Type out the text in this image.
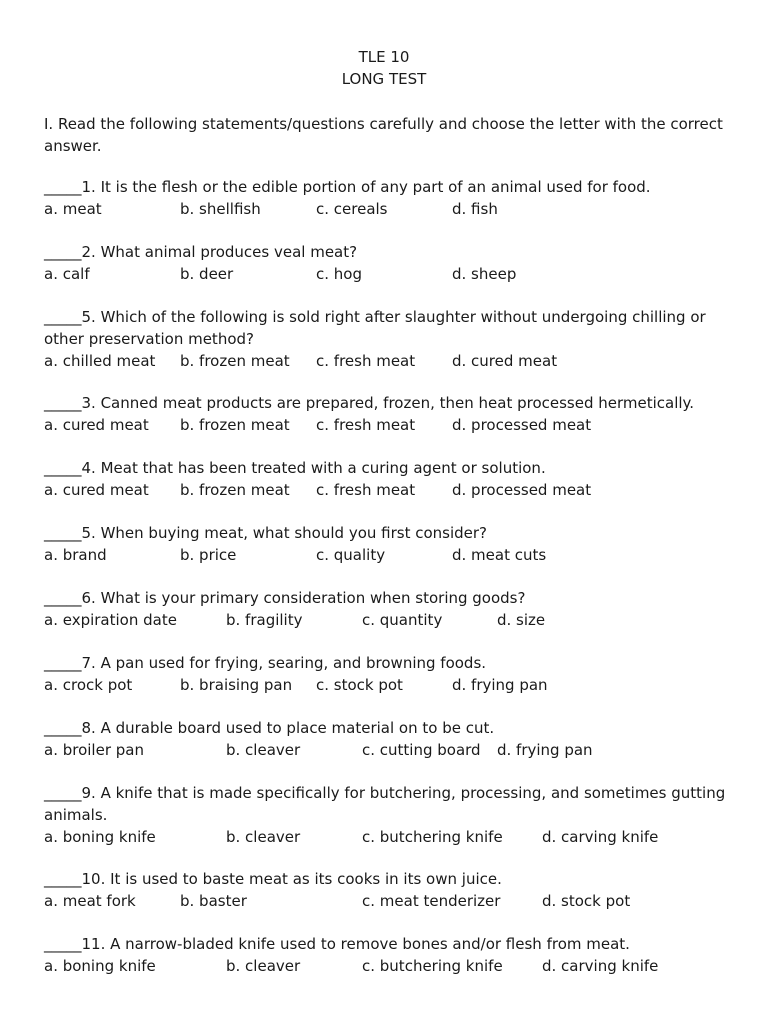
TLE 10
LONG TEST
I. Read the following statements/questions carefully and choose the letter with the correct answer.
_____1. It is the flesh or the edible portion of any part of an animal used for food.
a. meat	b. shellfish	c. cereals	d. fish
_____2. What animal produces veal meat?
a. calf	b. deer	c. hog	d. sheep
_____5. Which of the following is sold right after slaughter without undergoing chilling or other preservation method?
a. chilled meat b. frozen meat c. fresh meat d. cured meat
_____3. Canned meat products are prepared, frozen, then heat processed hermetically.
a. cured meat b. frozen meat c. fresh meat d. processed meat
_____4. Meat that has been treated with a curing agent or solution.
a. cured meat b. frozen meat c. fresh meat d. processed meat
_____5. When buying meat, what should you first consider?
a. brand	b. price	c. quality	d. meat cuts
_____6. What is your primary consideration when storing goods?
a. expiration date	b. fragility	c. quantity	d. size
_____7. A pan used for frying, searing, and browning foods.
a. crock pot	b. braising pan c. stock pot	d. frying pan
_____8. A durable board used to place material on to be cut.
a. broiler pan	b. cleaver	c. cutting board d. frying pan
_____9. A knife that is made specifically for butchering, processing, and sometimes gutting animals.
a. boning knife	b. cleaver	c. butchering knife	d. carving knife
_____10. It is used to baste meat as its cooks in its own juice.
a. meat fork	b. baster	c. meat tenderizer	d. stock pot
_____11. A narrow-bladed knife used to remove bones and/or flesh from meat.
a. boning knife	b. cleaver	c. butchering knife	d. carving knife
